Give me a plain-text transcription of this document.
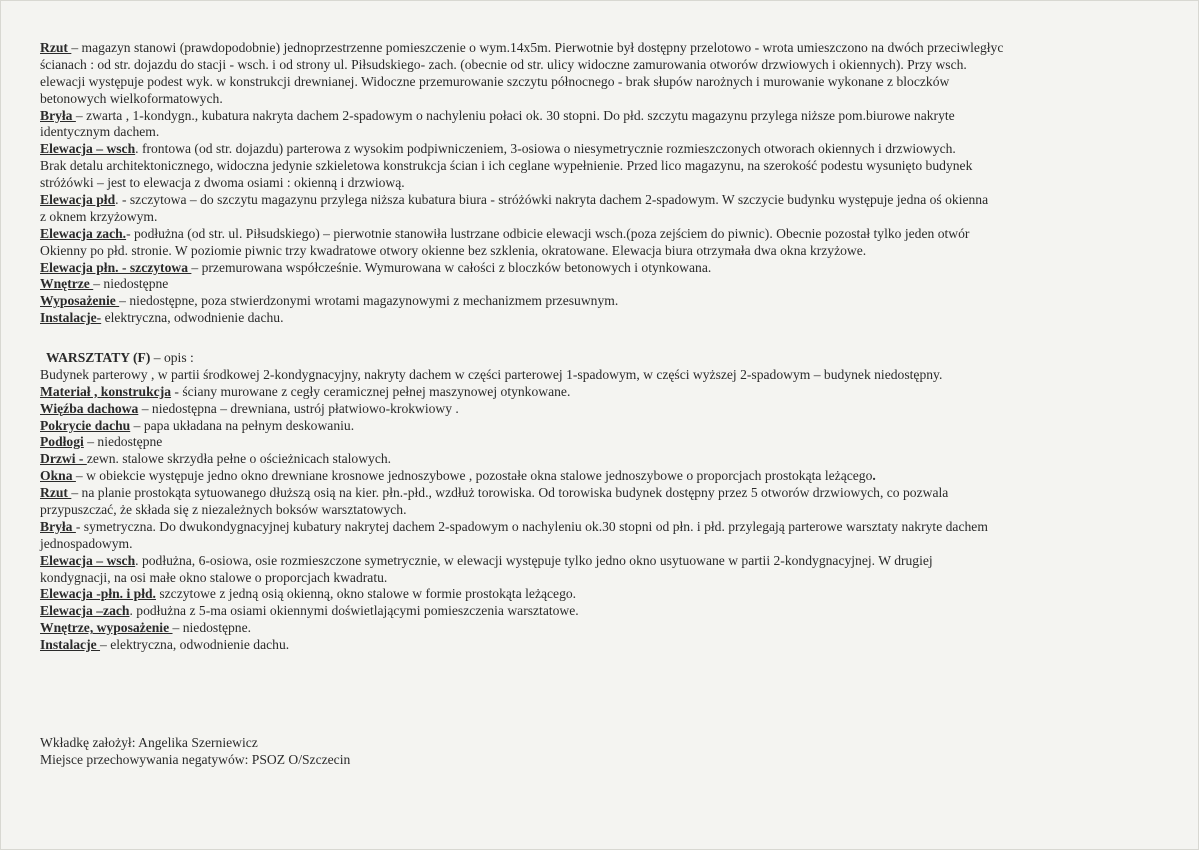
Rzut – magazyn stanowi (prawdopodobnie) jednoprzestrzenne pomieszczenie o wym.14x5m. Pierwotnie był dostępny przelotowo - wrota umieszczono na dwóch przeciwległyc
ścianach : od str. dojazdu do stacji - wsch. i od strony ul. Piłsudskiego- zach. (obecnie od str. ulicy widoczne zamurowania otworów drzwiowych i okiennych). Przy wsch.
elewacji występuje podest wyk. w konstrukcji drewnianej. Widoczne przemurowanie szczytu północnego - brak słupów narożnych i murowanie wykonane z bloczków
betonowych wielkoformatowych.
Bryła – zwarta , 1-kondygn., kubatura nakryta dachem 2-spadowym o nachyleniu połaci ok. 30 stopni. Do płd. szczytu magazynu przylega niższe pom.biurowe nakryte
identycznym dachem.
Elewacja – wsch. frontowa (od str. dojazdu) parterowa z wysokim podpiwniczeniem, 3-osiowa o niesymetrycznie rozmieszczonych otworach okiennych i drzwiowych.
Brak detalu architektonicznego, widoczna jedynie szkieletowa konstrukcja ścian i ich ceglane wypełnienie. Przed lico magazynu, na szerokość podestu wysunięto budynek
stróżówki – jest to elewacja z dwoma osiami : okienną i drzwiową.
Elewacja płd. - szczytowa – do szczytu magazynu przylega niższa kubatura biura - stróżówki nakryta dachem 2-spadowym. W szczycie budynku występuje jedna oś okienna
z oknem krzyżowym.
Elewacja zach.- podłużna (od str. ul. Piłsudskiego) – pierwotnie stanowiła lustrzane odbicie elewacji wsch.(poza zejściem do piwnic). Obecnie pozostał tylko jeden otwór
Okienny po płd. stronie. W poziomie piwnic trzy kwadratowe otwory okienne bez szklenia, okratowane. Elewacja biura otrzymała dwa okna krzyżowe.
Elewacja płn. - szczytowa – przemurowana współcześnie. Wymurowana w całości z bloczków betonowych i otynkowana.
Wnętrze – niedostępne
Wyposażenie – niedostępne, poza stwierdzonymi wrotami magazynowymi z mechanizmem przesuwnym.
Instalacje- elektryczna, odwodnienie dachu.
WARSZTATY (F) – opis :
Budynek parterowy , w partii środkowej 2-kondygnacyjny, nakryty dachem w części parterowej 1-spadowym, w części wyższej 2-spadowym – budynek niedostępny.
Materiał , konstrukcja - ściany murowane z cegły ceramicznej pełnej maszynowej otynkowane.
Więźba dachowa – niedostępna – drewniana, ustrój płatwiowo-krokwiowy .
Pokrycie dachu – papa układana na pełnym deskowaniu.
Podłogi – niedostępne
Drzwi - zewn. stalowe skrzydła pełne o ościeżnicach stalowych.
Okna – w obiekcie występuje jedno okno drewniane krosnowe jednoszybowe , pozostałe okna stalowe jednoszybowe o proporcjach prostokąta leżącego.
Rzut – na planie prostokąta sytuowanego dłuższą osią na kier. płn.-płd., wzdłuż torowiska. Od torowiska budynek dostępny przez 5 otworów drzwiowych, co pozwala
przypuszczać, że składa się z niezależnych boksów warsztatowych.
Bryła - symetryczna. Do dwukondygnacyjnej kubatury nakrytej dachem 2-spadowym o nachyleniu ok.30 stopni od płn. i płd. przylegają parterowe warsztaty nakryte dachem
jednospadowym.
Elewacja – wsch. podłużna, 6-osiowa, osie rozmieszczone symetrycznie, w elewacji występuje tylko jedno okno usytuowane w partii 2-kondygnacyjnej. W drugiej
kondygnacji, na osi małe okno stalowe o proporcjach kwadratu.
Elewacja -płn. i płd. szczytowe z jedną osią okienną, okno stalowe w formie prostokąta leżącego.
Elewacja –zach. podłużna z 5-ma osiami okiennymi doświetlającymi pomieszczenia warsztatowe.
Wnętrze, wyposażenie – niedostępne.
Instalacje – elektryczna, odwodnienie dachu.
Wkładkę założył: Angelika Szerniewicz
Miejsce przechowywania negatywów: PSOZ O/Szczecin
